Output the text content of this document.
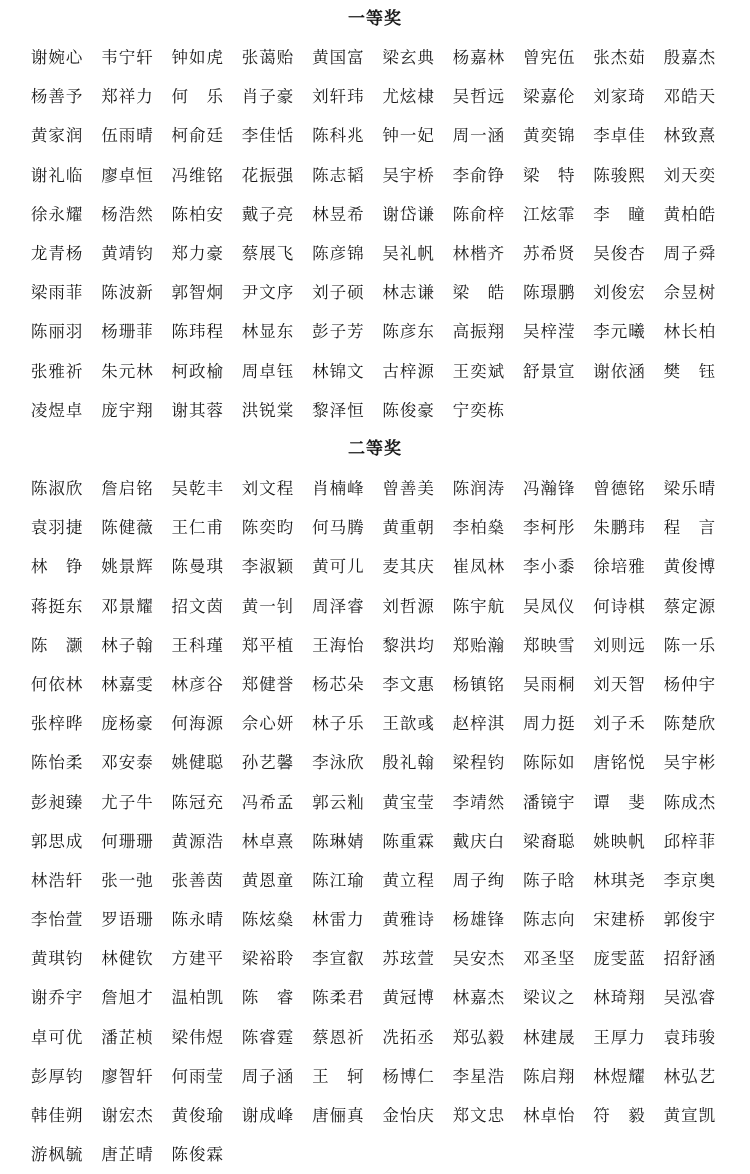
一等奖
谢婉心	韦宁轩	钟如虎	张蔼贻	黄国富	梁玄典	杨嘉林	曾宪伍	张杰茹	殷嘉杰
杨善予	郑祥力	何　乐	肖子豪	刘轩玮	尤炫棣	吴哲远	梁嘉伦	刘家琦	邓皓天
黄家润	伍雨晴	柯俞廷	李佳恬	陈科兆	钟一妃	周一涵	黄奕锦	李卓佳	林致熹
谢礼临	廖卓恒	冯维铭	花振强	陈志韬	吴宇桥	李俞铮	梁　特	陈骏熙	刘天奕
徐永耀	杨浩然	陈柏安	戴子亮	林昱希	谢岱谦	陈俞梓	江炫霏	李　瞳	黄柏皓
龙青杨	黄靖钧	郑力豪	蔡展飞	陈彦锦	吴礼帆	林楷齐	苏希贤	吴俊杏	周子舜
梁雨菲	陈波新	郭智炯	尹文序	刘子硕	林志谦	梁　皓	陈璟鹏	刘俊宏	佘昱树
陈丽羽	杨珊菲	陈玮程	林显东	彭子芳	陈彦东	高振翔	吴梓滢	李元曦	林长柏
张雅祈	朱元林	柯政榆	周卓钰	林锦文	古梓源	王奕斌	舒景宣	谢依涵	樊　钰
凌煜卓	庞宇翔	谢其蓉	洪锐棠	黎泽恒	陈俊豪	宁奕栋
二等奖
陈淑欣	詹启铭	吴乾丰	刘文程	肖楠峰	曾善美	陈润涛	冯瀚锋	曾德铭	梁乐晴
袁羽捷	陈健薇	王仁甫	陈奕昀	何马腾	黄重朝	李柏燊	李柯彤	朱鹏玮	程　言
林　铮	姚景辉	陈曼琪	李淑颖	黄可儿	麦其庆	崔凤林	李小黍	徐培雅	黄俊博
蒋挺东	邓景耀	招文茵	黄一钊	周泽睿	刘哲源	陈宇航	吴凤仪	何诗棋	蔡定源
陈　灏	林子翰	王科瑾	郑平植	王海怡	黎洪均	郑贻瀚	郑映雪	刘则远	陈一乐
何依林	林嘉雯	林彦谷	郑健誉	杨芯朵	李文惠	杨镇铭	吴雨桐	刘天智	杨仲宇
张梓晔	庞杨豪	何海源	佘心妍	林子乐	王歆彧	赵梓淇	周力挺	刘子禾	陈楚欣
陈怡柔	邓安泰	姚健聪	孙艺馨	李泳欣	殷礼翰	梁程钧	陈际如	唐铭悦	吴宇彬
彭昶臻	尤子牛	陈冠充	冯希孟	郭云籼	黄宝莹	李靖然	潘镜宇	谭　斐	陈成杰
郭思成	何珊珊	黄源浩	林卓熹	陈琳婧	陈重霖	戴庆白	梁裔聪	姚映帆	邱梓菲
林浩轩	张一弛	张善茵	黄恩童	陈江瑜	黄立程	周子绚	陈子晗	林琪尧	李京奥
李怡萱	罗语珊	陈永晴	陈炫燊	林雷力	黄雅诗	杨雄锋	陈志向	宋建桥	郭俊宇
黄琪钧	林健钦	方建平	梁裕聆	李宣叡	苏玹萱	吴安杰	邓圣坚	庞雯蓝	招舒涵
谢乔宇	詹旭才	温柏凯	陈　睿	陈柔君	黄冠博	林嘉杰	梁议之	林琦翔	吴泓睿
卓可优	潘芷桢	梁伟煜	陈睿霆	蔡恩祈	冼拓丞	郑弘毅	林建晟	王厚力	袁玮骏
彭厚钧	廖智轩	何雨莹	周子涵	王　轲	杨博仁	李星浩	陈启翔	林煜耀	林弘艺
韩佳朔	谢宏杰	黄俊瑜	谢成峰	唐俪真	金怡庆	郑文忠	林卓怡	符　毅	黄宣凯
游枫毓	唐芷晴	陈俊霖
